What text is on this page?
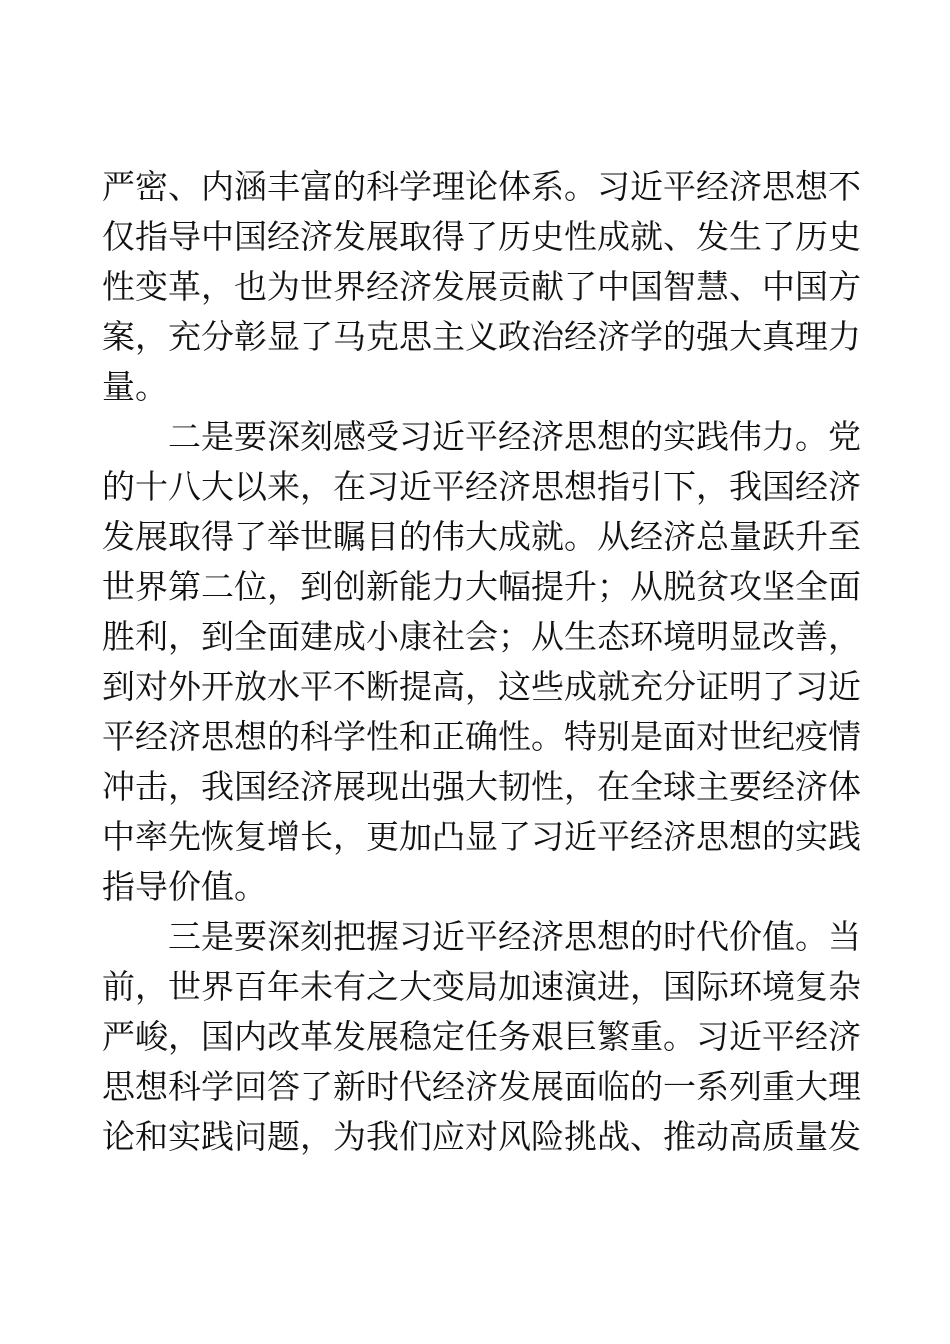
严密、内涵丰富的科学理论体系。习近平经济思想不
仅指导中国经济发展取得了历史性成就、发生了历史
性变革，也为世界经济发展贡献了中国智慧、中国方
案，充分彰显了马克思主义政治经济学的强大真理力
量。
二是要深刻感受习近平经济思想的实践伟力。党
的十八大以来，在习近平经济思想指引下，我国经济
发展取得了举世瞩目的伟大成就。从经济总量跃升至
世界第二位，到创新能力大幅提升；从脱贫攻坚全面
胜利，到全面建成小康社会；从生态环境明显改善，
到对外开放水平不断提高，这些成就充分证明了习近
平经济思想的科学性和正确性。特别是面对世纪疫情
冲击，我国经济展现出强大韧性，在全球主要经济体
中率先恢复增长，更加凸显了习近平经济思想的实践
指导价值。
三是要深刻把握习近平经济思想的时代价值。当
前，世界百年未有之大变局加速演进，国际环境复杂
严峻，国内改革发展稳定任务艰巨繁重。习近平经济
思想科学回答了新时代经济发展面临的一系列重大理
论和实践问题，为我们应对风险挑战、推动高质量发
